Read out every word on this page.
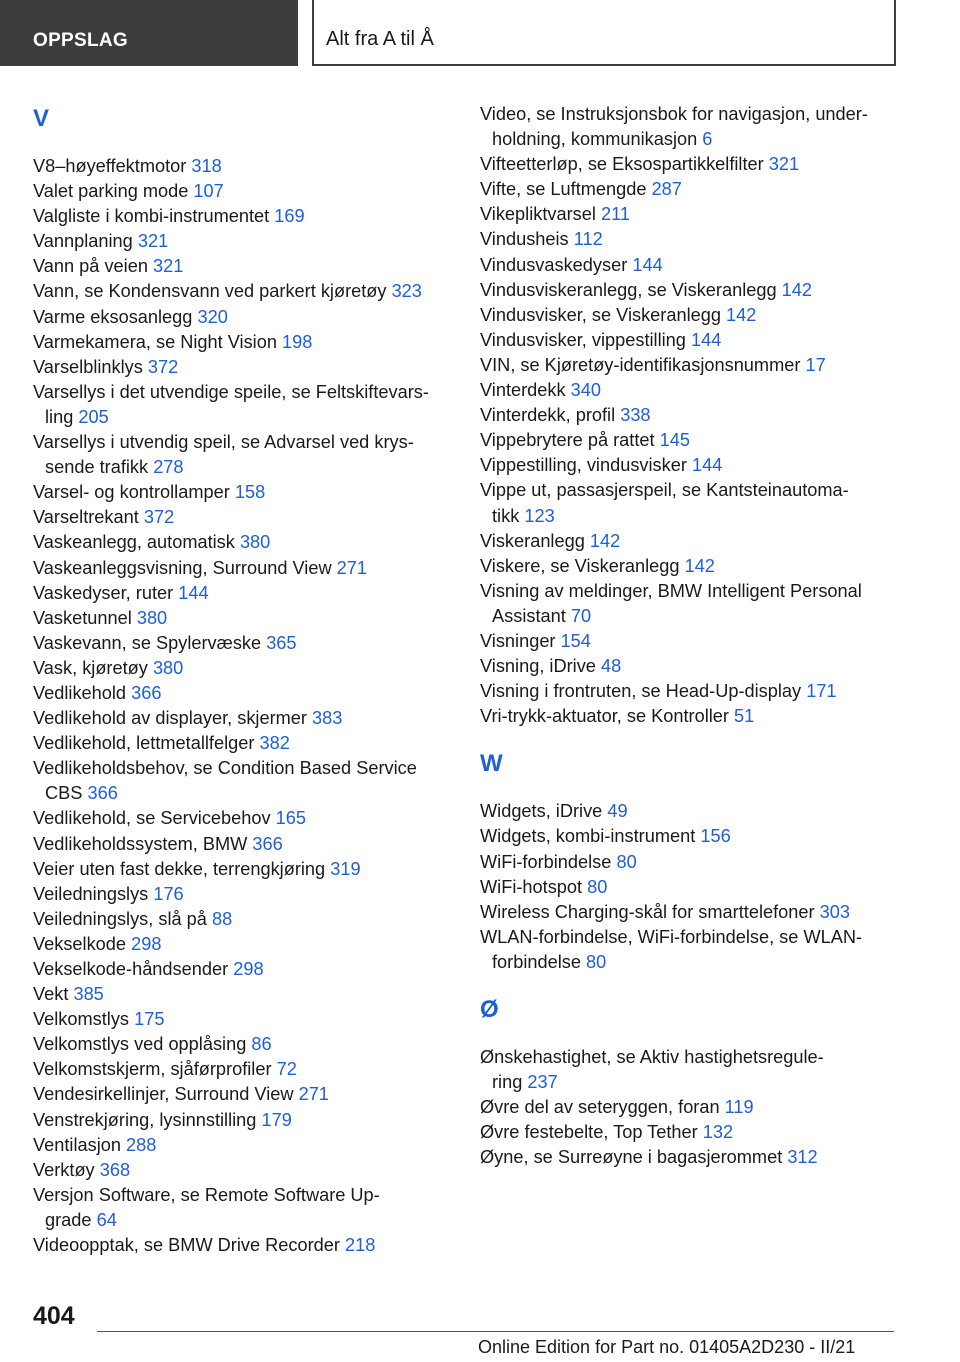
OPPSLAG	Alt fra A til Å
V
V8–høyeffektmotor 318
Valet parking mode 107
Valgliste i kombi-instrumentet 169
Vannplaning 321
Vann på veien 321
Vann, se Kondensvann ved parkert kjøretøy 323
Varme eksosanlegg 320
Varmekamera, se Night Vision 198
Varselblinklys 372
Varsellys i det utvendige speile, se Feltskiftevars-
ling 205
Varsellys i utvendig speil, se Advarsel ved krys-
sende trafikk 278
Varsel- og kontrollamper 158
Varseltrekant 372
Vaskeanlegg, automatisk 380
Vaskeanleggsvisning, Surround View 271
Vaskedyser, ruter 144
Vasketunnel 380
Vaskevann, se Spylervæske 365
Vask, kjøretøy 380
Vedlikehold 366
Vedlikehold av displayer, skjermer 383
Vedlikehold, lettmetallfelger 382
Vedlikeholdsbehov, se Condition Based Service
CBS 366
Vedlikehold, se Servicebehov 165
Vedlikeholdssystem, BMW 366
Veier uten fast dekke, terrengkjøring 319
Veiledningslys 176
Veiledningslys, slå på 88
Vekselkode 298
Vekselkode-håndsender 298
Vekt 385
Velkomstlys 175
Velkomstlys ved opplåsing 86
Velkomstskjerm, sjåførprofiler 72
Vendesirkellinjer, Surround View 271
Venstrekjøring, lysinnstilling 179
Ventilasjon 288
Verktøy 368
Versjon Software, se Remote Software Up-
grade 64
Videoopptak, se BMW Drive Recorder 218
Video, se Instruksjonsbok for navigasjon, under-
holdning, kommunikasjon 6
Vifteetterløp, se Eksospartikkelfilter 321
Vifte, se Luftmengde 287
Vikepliktvarsel 211
Vindusheis 112
Vindusvaskedyser 144
Vindusviskeranlegg, se Viskeranlegg 142
Vindusvisker, se Viskeranlegg 142
Vindusvisker, vippestilling 144
VIN, se Kjøretøy-identifikasjonsnummer 17
Vinterdekk 340
Vinterdekk, profil 338
Vippebrytere på rattet 145
Vippestilling, vindusvisker 144
Vippe ut, passasjerspeil, se Kantsteinautoma-
tikk 123
Viskeranlegg 142
Viskere, se Viskeranlegg 142
Visning av meldinger, BMW Intelligent Personal
Assistant 70
Visninger 154
Visning, iDrive 48
Visning i frontruten, se Head-Up-display 171
Vri-trykk-aktuator, se Kontroller 51
W
Widgets, iDrive 49
Widgets, kombi-instrument 156
WiFi-forbindelse 80
WiFi-hotspot 80
Wireless Charging-skål for smarttelefoner 303
WLAN-forbindelse, WiFi-forbindelse, se WLAN-
forbindelse 80
Ø
Ønskehastighet, se Aktiv hastighetsregule-
ring 237
Øvre del av seteryggen, foran 119
Øvre festebelte, Top Tether 132
Øyne, se Surreøyne i bagasjerommet 312
404
Online Edition for Part no. 01405A2D230 - II/21
